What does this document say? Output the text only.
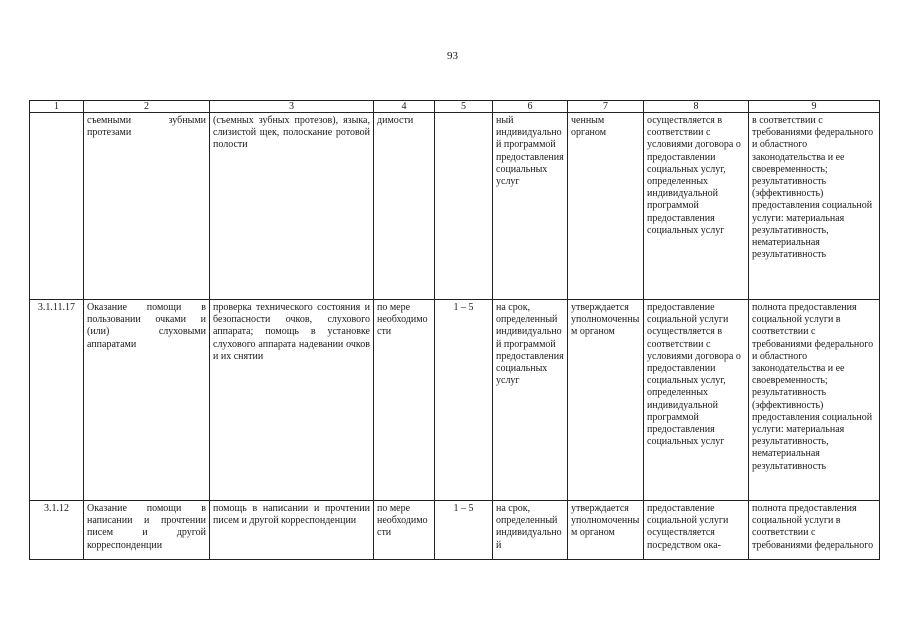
93
1	2	3	4	5	6	7	8	9
	съемными зубными протезами	(съемных зубных протезов), языка, слизистой щек, полоскание ротовой полости	димости		ный индивидуальной программой предоставления социальных услуг	ченным органом	осуществляется в соответствии с условиями договора о предоставлении социальных услуг, определенных индивидуальной программой предоставления социальных услуг	в соответствии с требованиями федерального и областного законодательства и ее своевременность; результативность (эффективность) предоставления социальной услуги: материальная результативность, нематериальная результативность
3.1.11.17	Оказание помощи в пользовании очками и (или) слуховыми аппаратами	проверка технического состояния и безопасности очков, слухового аппарата; помощь в установке слухового аппарата надевании очков и их снятии	по мере необходимости	1 – 5	на срок, определенный индивидуальной программой предоставления социальных услуг	утверждается уполномоченным органом	предоставление социальной услуги осуществляется в соответствии с условиями договора о предоставлении социальных услуг, определенных индивидуальной программой предоставления социальных услуг	полнота предоставления социальной услуги в соответствии с требованиями федерального и областного законодательства и ее своевременность; результативность (эффективность) предоставления социальной услуги: материальная результативность, нематериальная результативность
3.1.12	Оказание помощи в написании и прочтении писем и другой корреспонденции	помощь в написании и прочтении писем и другой корреспонденции	по мере необходимости	1 – 5	на срок, определенный индивидуальной	утверждается уполномоченным органом	предоставление социальной услуги осуществляется посредством ока-	полнота предоставления социальной услуги в соответствии с требованиями федерального
